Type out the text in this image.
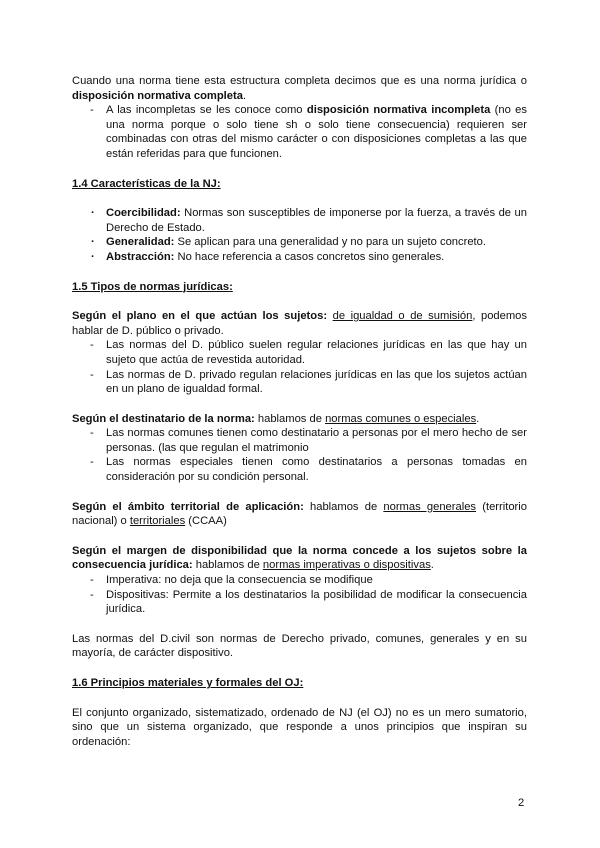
Cuando una norma tiene esta estructura completa decimos que es una norma jurídica o disposición normativa completa.

- A las incompletas se les conoce como disposición normativa incompleta (no es una norma porque o solo tiene sh o solo tiene consecuencia) requieren ser combinadas con otras del mismo carácter o con disposiciones completas a las que están referidas para que funcionen.

1.4 Características de la NJ:

· Coercibilidad: Normas son susceptibles de imponerse por la fuerza, a través de un Derecho de Estado.
· Generalidad: Se aplican para una generalidad y no para un sujeto concreto.
· Abstracción: No hace referencia a casos concretos sino generales.

1.5 Tipos de normas jurídicas:

Según el plano en el que actúan los sujetos: de igualdad o de sumisión, podemos hablar de D. público o privado.

- Las normas del D. público suelen regular relaciones jurídicas en las que hay un sujeto que actúa de revestida autoridad.
- Las normas de D. privado regulan relaciones jurídicas en las que los sujetos actúan en un plano de igualdad formal.

Según el destinatario de la norma: hablamos de normas comunes o especiales.

- Las normas comunes tienen como destinatario a personas por el mero hecho de ser personas. (las que regulan el matrimonio
- Las normas especiales tienen como destinatarios a personas tomadas en consideración por su condición personal.

Según el ámbito territorial de aplicación: hablamos de normas generales (territorio nacional) o territoriales (CCAA)

Según el margen de disponibilidad que la norma concede a los sujetos sobre la consecuencia jurídica: hablamos de normas imperativas o dispositivas.

- Imperativa: no deja que la consecuencia se modifique
- Dispositivas: Permite a los destinatarios la posibilidad de modificar la consecuencia jurídica.

Las normas del D.civil son normas de Derecho privado, comunes, generales y en su mayoría, de carácter dispositivo.

1.6 Principios materiales y formales del OJ:

El conjunto organizado, sistematizado, ordenado de NJ (el OJ) no es un mero sumatorio, sino que un sistema organizado, que responde a unos principios que inspiran su ordenación:

2
